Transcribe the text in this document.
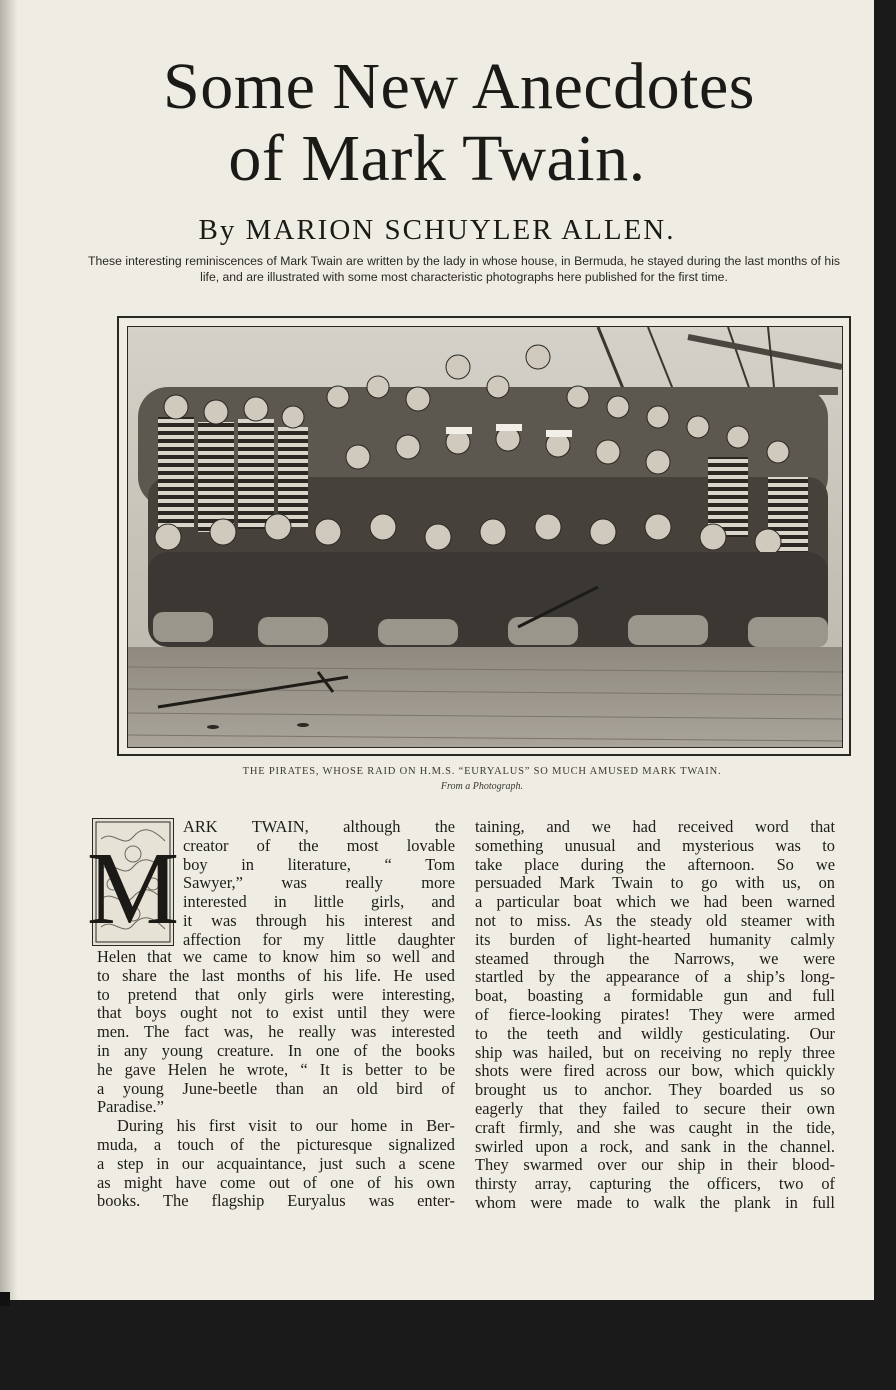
Some New Anecdotes
of Mark Twain.
By MARION SCHUYLER ALLEN.
These interesting reminiscences of Mark Twain are written by the lady in whose house, in Bermuda, he stayed during the last months of his life, and are illustrated with some most characteristic photographs here published for the first time.
THE PIRATES, WHOSE RAID ON H.M.S. “EURYALUS” SO MUCH AMUSED MARK TWAIN.
From a Photograph.
M
ARK TWAIN, although the
creator of the most lovable
boy in literature, “ Tom
Sawyer,” was really more
interested in little girls, and
it was through his interest and
affection for my little daughter
Helen that we came to know him so well and
to share the last months of his life. He used
to pretend that only girls were interesting,
that boys ought not to exist until they were
men. The fact was, he really was interested
in any young creature. In one of the books
he gave Helen he wrote, “ It is better to be
a young June-beetle than an old bird of
Paradise.”
During his first visit to our home in Ber-
muda, a touch of the picturesque signalized
a step in our acquaintance, just such a scene
as might have come out of one of his own
books. The flagship Euryalus was enter-
taining, and we had received word that
something unusual and mysterious was to
take place during the afternoon. So we
persuaded Mark Twain to go with us, on
a particular boat which we had been warned
not to miss. As the steady old steamer with
its burden of light-hearted humanity calmly
steamed through the Narrows, we were
startled by the appearance of a ship’s long-
boat, boasting a formidable gun and full
of fierce-looking pirates! They were armed
to the teeth and wildly gesticulating. Our
ship was hailed, but on receiving no reply three
shots were fired across our bow, which quickly
brought us to anchor. They boarded us so
eagerly that they failed to secure their own
craft firmly, and she was caught in the tide,
swirled upon a rock, and sank in the channel.
They swarmed over our ship in their blood-
thirsty array, capturing the officers, two of
whom were made to walk the plank in full
